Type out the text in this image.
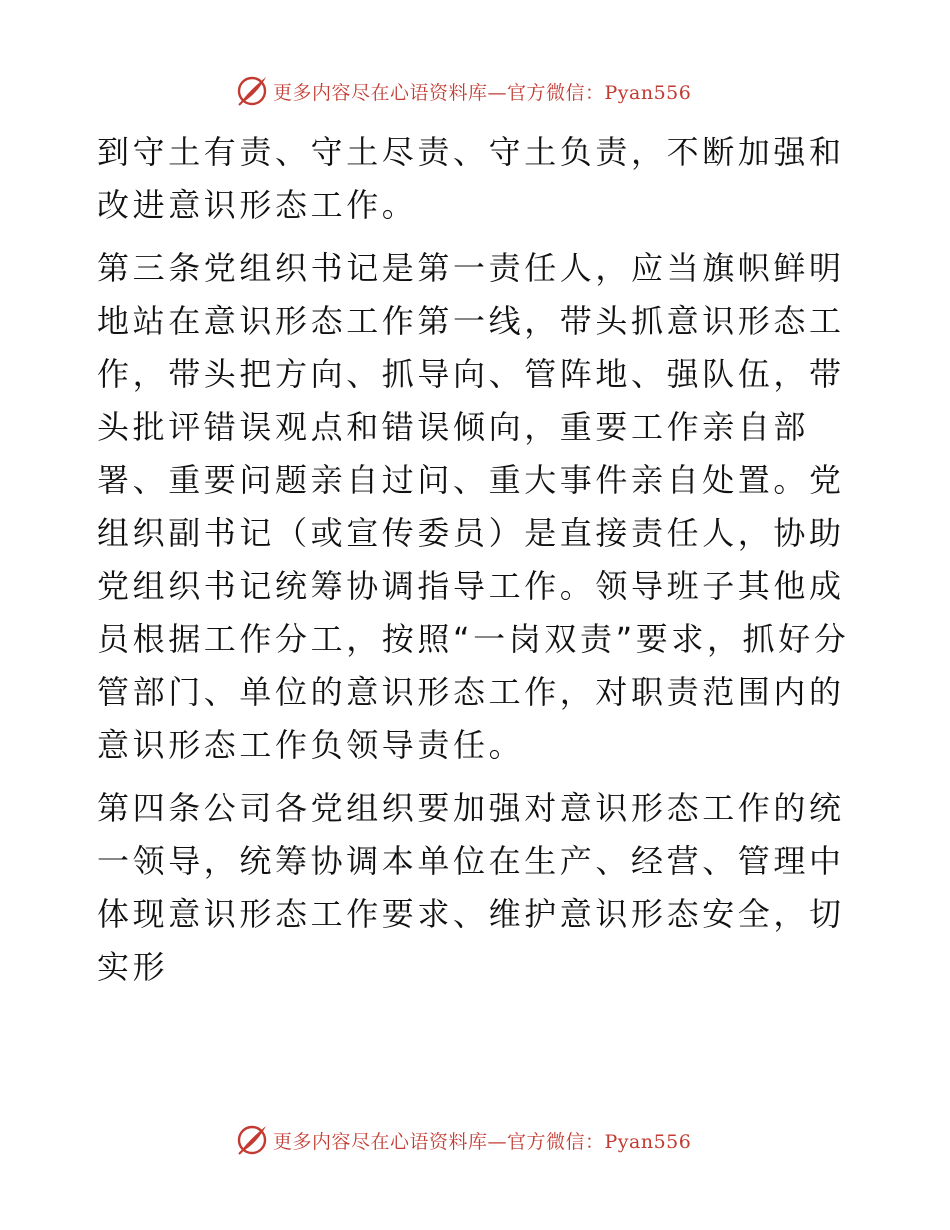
更多内容尽在心语资料库—官方微信：Pyan556

到守土有责、守土尽责、守土负责，不断加强和改进意识形态工作。

第三条党组织书记是第一责任人，应当旗帜鲜明地站在意识形态工作第一线，带头抓意识形态工作，带头把方向、抓导向、管阵地、强队伍，带头批评错误观点和错误倾向，重要工作亲自部署、重要问题亲自过问、重大事件亲自处置。党组织副书记（或宣传委员）是直接责任人，协助党组织书记统筹协调指导工作。领导班子其他成员根据工作分工，按照“一岗双责”要求，抓好分管部门、单位的意识形态工作，对职责范围内的意识形态工作负领导责任。

第四条公司各党组织要加强对意识形态工作的统一领导，统筹协调本单位在生产、经营、管理中体现意识形态工作要求、维护意识形态安全，切实形

更多内容尽在心语资料库—官方微信：Pyan556
